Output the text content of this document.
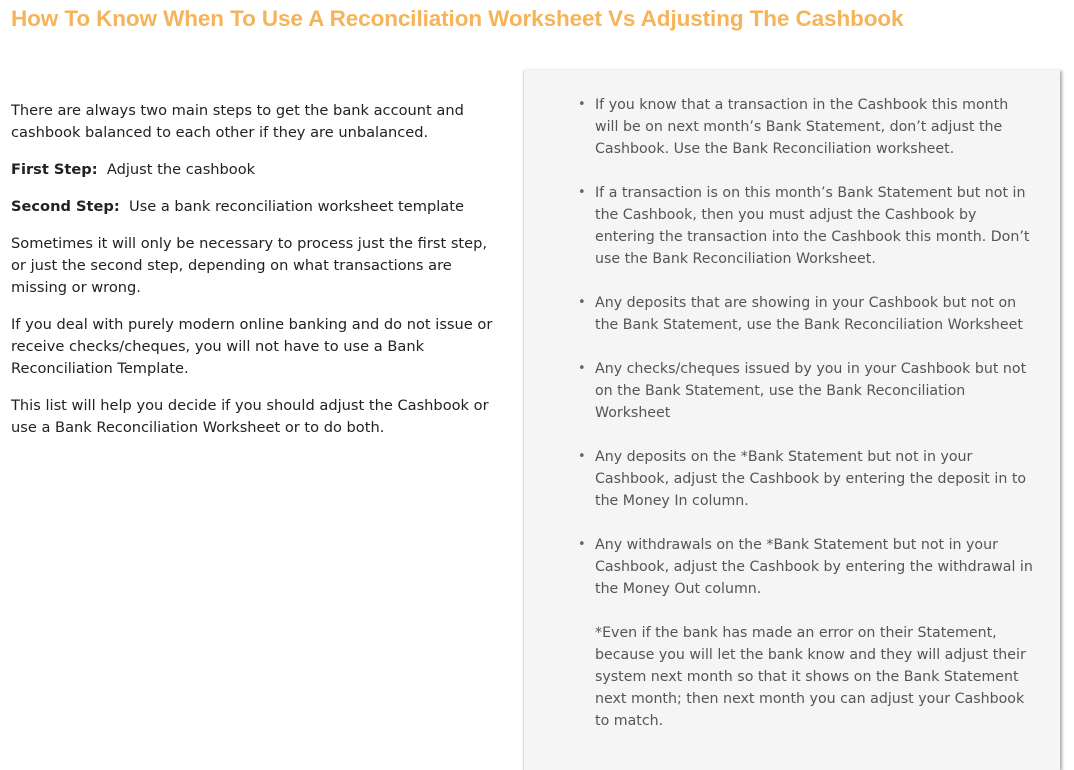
How To Know When To Use A Reconciliation Worksheet Vs Adjusting The Cashbook

There are always two main steps to get the bank account and cashbook balanced to each other if they are unbalanced.

First Step: Adjust the cashbook

Second Step: Use a bank reconciliation worksheet template

Sometimes it will only be necessary to process just the first step, or just the second step, depending on what transactions are missing or wrong.

If you deal with purely modern online banking and do not issue or receive checks/cheques, you will not have to use a Bank Reconciliation Template.

This list will help you decide if you should adjust the Cashbook or use a Bank Reconciliation Worksheet or to do both.

• If you know that a transaction in the Cashbook this month will be on next month’s Bank Statement, don’t adjust the Cashbook. Use the Bank Reconciliation worksheet.
• If a transaction is on this month’s Bank Statement but not in the Cashbook, then you must adjust the Cashbook by entering the transaction into the Cashbook this month. Don’t use the Bank Reconciliation Worksheet.
• Any deposits that are showing in your Cashbook but not on the Bank Statement, use the Bank Reconciliation Worksheet
• Any checks/cheques issued by you in your Cashbook but not on the Bank Statement, use the Bank Reconciliation Worksheet
• Any deposits on the *Bank Statement but not in your Cashbook, adjust the Cashbook by entering the deposit in to the Money In column.
• Any withdrawals on the *Bank Statement but not in your Cashbook, adjust the Cashbook by entering the withdrawal in the Money Out column.
*Even if the bank has made an error on their Statement, because you will let the bank know and they will adjust their system next month so that it shows on the Bank Statement next month; then next month you can adjust your Cashbook to match.
